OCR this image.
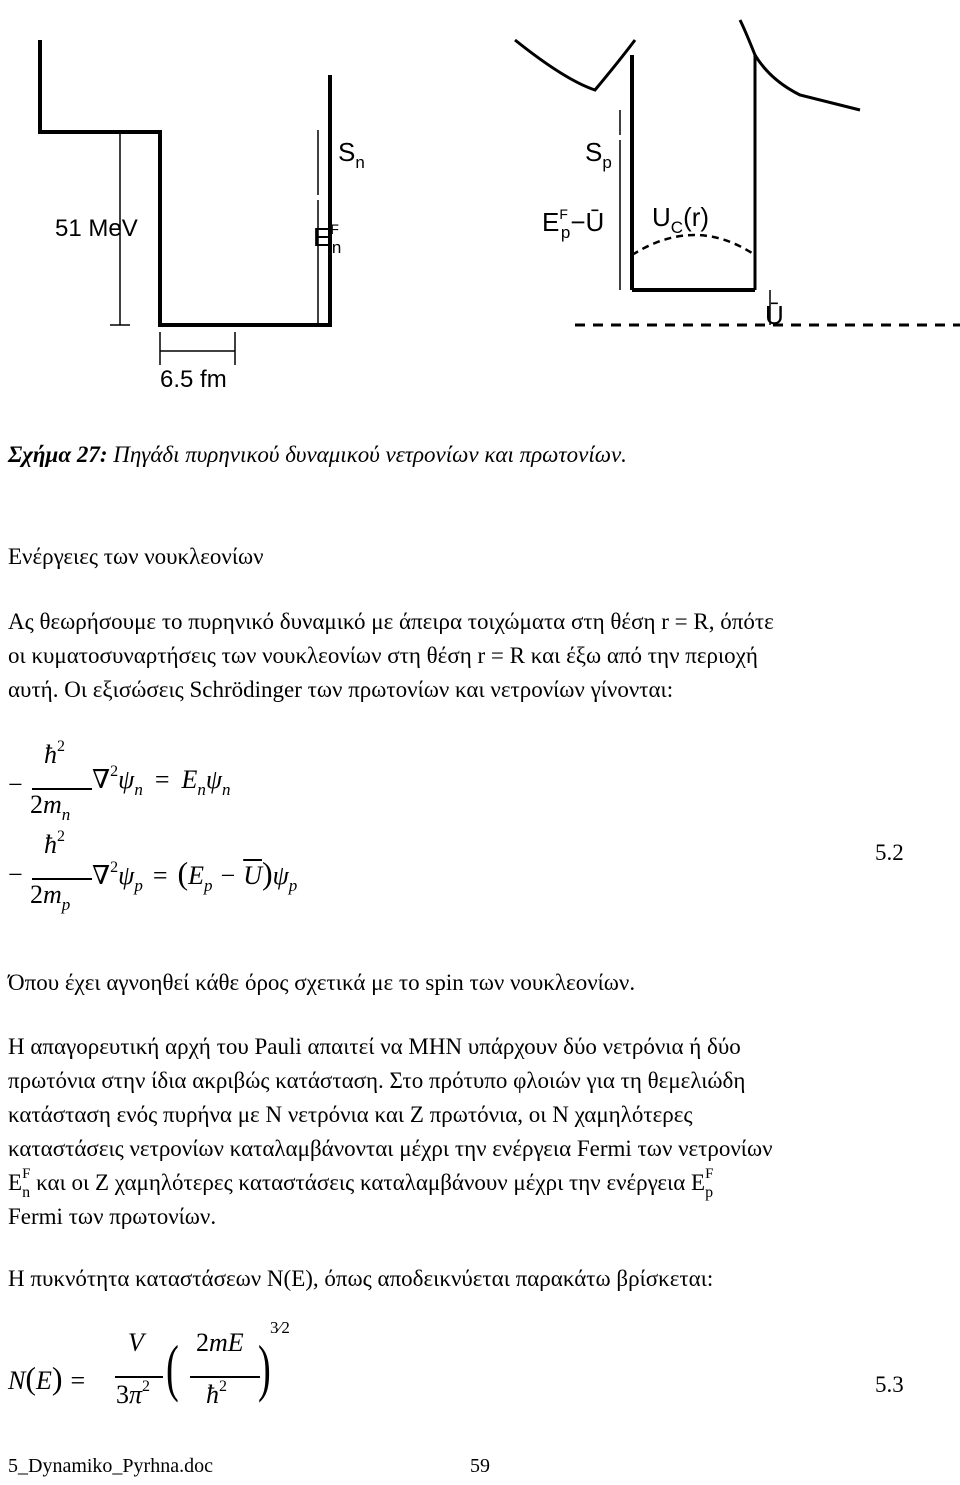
51 MeV
6.5 fm
$S_n$
$E^F_n$
$S_p$
$E^F_p-Ū$ $U_C(r)$
Ū
Σχήμα 27: Πηγάδι πυρηνικού δυναμικού νετρονίων και πρωτονίων.
Ενέργειες των νουκλεονίων
Ας θεωρήσουμε το πυρηνικό δυναμικό με άπειρα τοιχώματα στη θέση r = R, όπότε
οι κυματοσυναρτήσεις των νουκλεονίων στη θέση r = R και έξω από την περιοχή
αυτή. Οι εξισώσεις Schrödinger των πρωτονίων και νετρονίων γίνονται:
−
$ħ^2$
$2m_n$
$\nabla^2\psi_n = E_n\psi_n$
−
$ħ^2$
$2m_p$
$\nabla^2\psi_p = (E_p - \overline{U})\psi_p$
5.2
Όπου έχει αγνοηθεί κάθε όρος σχετικά με το spin των νουκλεονίων.
Η απαγορευτική αρχή του Pauli απαιτεί να ΜΗΝ υπάρχουν δύο νετρόνια ή δύο
πρωτόνια στην ίδια ακριβώς κατάσταση. Στο πρότυπο φλοιών για τη θεμελιώδη
κατάσταση ενός πυρήνα με Ν νετρόνια και Ζ πρωτόνια, οι Ν χαμηλότερες
καταστάσεις νετρονίων καταλαμβάνονται μέχρι την ενέργεια Fermi των νετρονίων
$E_n^F$ και οι Ζ χαμηλότερες καταστάσεις καταλαμβάνουν μέχρι την ενέργεια $E_p^F$
Fermi των πρωτονίων.
Η πυκνότητα καταστάσεων Ν(Ε), όπως αποδεικνύεται παρακάτω βρίσκεται:
N(E) =
V
$3\pi^2$ ( 2mE
$ħ^2$ )
3⁄2
5.3
5_Dynamiko_Pyrhna.doc	59
